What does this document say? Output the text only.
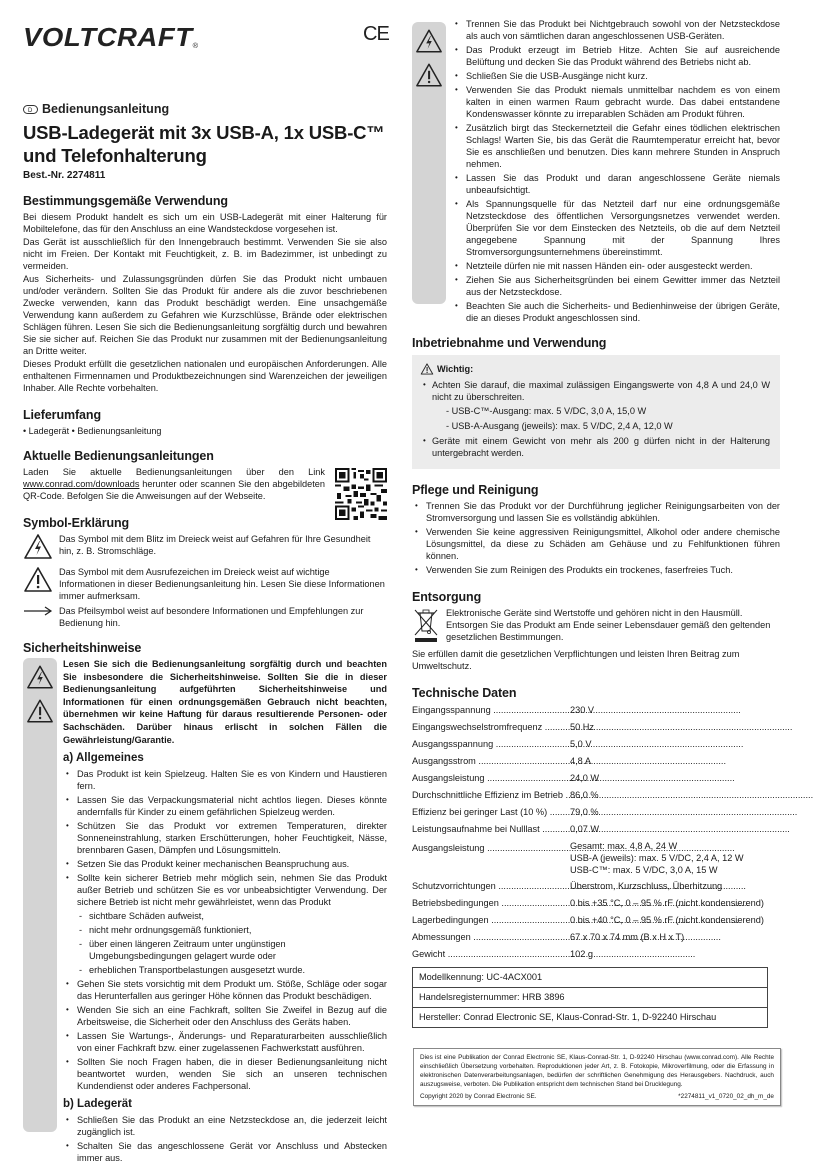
VOLTCRAFT®
CE
D
Bedienungsanleitung
USB-Ladegerät mit 3x USB-A, 1x USB-C™ und Telefonhalterung
Best.-Nr. 2274811
Bestimmungsgemäße Verwendung

Bei diesem Produkt handelt es sich um ein USB-Ladegerät mit einer Halterung für Mobiltelefone, das für den Anschluss an eine Wandsteckdose vorgesehen ist.

Das Gerät ist ausschließlich für den Innengebrauch bestimmt. Verwenden Sie sie also nicht im Freien. Der Kontakt mit Feuchtigkeit, z. B. im Badezimmer, ist unbedingt zu vermeiden.

Aus Sicherheits- und Zulassungsgründen dürfen Sie das Produkt nicht umbauen und/oder verändern. Sollten Sie das Produkt für andere als die zuvor beschriebenen Zwecke verwenden, kann das Produkt beschädigt werden. Eine unsachgemäße Verwendung kann außerdem zu Gefahren wie Kurzschlüsse, Brände oder elektrischen Schlägen führen. Lesen Sie sich die Bedienungsanleitung sorgfältig durch und bewahren Sie sie sicher auf. Reichen Sie das Produkt nur zusammen mit der Bedienungsanleitung an Dritte weiter.

Dieses Produkt erfüllt die gesetzlichen nationalen und europäischen Anforderungen. Alle enthaltenen Firmennamen und Produktbezeichnungen sind Warenzeichen der jeweiligen Inhaber. Alle Rechte vorbehalten.

Lieferumfang

• Ladegerät • Bedienungsanleitung

Aktuelle Bedienungsanleitungen

Laden Sie aktuelle Bedienungsanleitungen über den Link www.conrad.com/downloads herunter oder scannen Sie den abgebildeten QR-Code. Befolgen Sie die Anweisungen auf der Webseite.

Symbol-Erklärung
Das Symbol mit dem Blitz im Dreieck weist auf Gefahren für Ihre Gesundheit hin, z. B. Stromschläge.
Das Symbol mit dem Ausrufezeichen im Dreieck weist auf wichtige Informationen in dieser Bedienungsanleitung hin. Lesen Sie diese Informationen immer aufmerksam.
Das Pfeilsymbol weist auf besondere Informationen und Empfehlungen zur Bedienung hin.
Sicherheitshinweise

Lesen Sie sich die Bedienungsanleitung sorgfältig durch und beachten Sie insbesondere die Sicherheitshinweise. Sollten Sie die in dieser Bedienungsanleitung aufgeführten Sicherheitshinweise und Informationen für einen ordnungsgemäßen Gebrauch nicht beachten, übernehmen wir keine Haftung für daraus resultierende Personen- oder Sachschäden. Darüber hinaus erlischt in solchen Fällen die Gewährleistung/Garantie.

a) Allgemeines
• Das Produkt ist kein Spielzeug. Halten Sie es von Kindern und Haustieren fern.
• Lassen Sie das Verpackungsmaterial nicht achtlos liegen. Dieses könnte andernfalls für Kinder zu einem gefährlichen Spielzeug werden.
• Schützen Sie das Produkt vor extremen Temperaturen, direkter Sonneneinstrahlung, starken Erschütterungen, hoher Feuchtigkeit, Nässe, brennbaren Gasen, Dämpfen und Lösungsmitteln.
• Setzen Sie das Produkt keiner mechanischen Beanspruchung aus.
• Sollte kein sicherer Betrieb mehr möglich sein, nehmen Sie das Produkt außer Betrieb und schützen Sie es vor unbeabsichtigter Verwendung. Der sichere Betrieb ist nicht mehr gewährleistet, wenn das Produkt
- sichtbare Schäden aufweist,
- nicht mehr ordnungsgemäß funktioniert,
- über einen längeren Zeitraum unter ungünstigen Umgebungsbedingungen gelagert wurde oder
- erheblichen Transportbelastungen ausgesetzt wurde.
• Gehen Sie stets vorsichtig mit dem Produkt um. Stöße, Schläge oder sogar das Herunterfallen aus geringer Höhe können das Produkt beschädigen.
• Wenden Sie sich an eine Fachkraft, sollten Sie Zweifel in Bezug auf die Arbeitsweise, die Sicherheit oder den Anschluss des Geräts haben.
• Lassen Sie Wartungs-, Änderungs- und Reparaturarbeiten ausschließlich von einer Fachkraft bzw. einer zugelassenen Fachwerkstatt ausführen.
• Sollten Sie noch Fragen haben, die in dieser Bedienungsanleitung nicht beantwortet wurden, wenden Sie sich an unseren technischen Kundendienst oder anderes Fachpersonal.
b) Ladegerät
• Schließen Sie das Produkt an eine Netzsteckdose an, die jederzeit leicht zugänglich ist.
• Schalten Sie das angeschlossene Gerät vor Anschluss und Abstecken immer aus.
• Trennen Sie das Produkt bei Nichtgebrauch sowohl von der Netzsteckdose als auch von sämtlichen daran angeschlossenen USB-Geräten.
• Das Produkt erzeugt im Betrieb Hitze. Achten Sie auf ausreichende Belüftung und decken Sie das Produkt während des Betriebs nicht ab.
• Schließen Sie die USB-Ausgänge nicht kurz.
• Verwenden Sie das Produkt niemals unmittelbar nachdem es von einem kalten in einen warmen Raum gebracht wurde. Das dabei entstandene Kondenswasser könnte zu irreparablen Schäden am Produkt führen.
• Zusätzlich birgt das Steckernetzteil die Gefahr eines tödlichen elektrischen Schlags! Warten Sie, bis das Gerät die Raumtemperatur erreicht hat, bevor Sie es anschließen und benutzen. Dies kann mehrere Stunden in Anspruch nehmen.
• Lassen Sie das Produkt und daran angeschlossene Geräte niemals unbeaufsichtigt.
• Als Spannungsquelle für das Netzteil darf nur eine ordnungsgemäße Netzsteckdose des öffentlichen Versorgungsnetzes verwendet werden. Überprüfen Sie vor dem Einstecken des Netzteils, ob die auf dem Netzteil angegebene Spannung mit der Spannung Ihres Stromversorgungsunternehmens übereinstimmt.
• Netzteile dürfen nie mit nassen Händen ein- oder ausgesteckt werden.
• Ziehen Sie aus Sicherheitsgründen bei einem Gewitter immer das Netzteil aus der Netzsteckdose.
• Beachten Sie auch die Sicherheits- und Bedienhinweise der übrigen Geräte, die an dieses Produkt angeschlossen sind.
Inbetriebnahme und Verwendung
Wichtig:
• Achten Sie darauf, die maximal zulässigen Eingangswerte von 4,8 A und 24,0 W nicht zu überschreiten.
- USB-C™-Ausgang: max. 5 V/DC, 3,0 A, 15,0 W
- USB-A-Ausgang (jeweils): max. 5 V/DC, 2,4 A, 12,0 W
• Geräte mit einem Gewicht von mehr als 200 g dürfen nicht in der Halterung untergebracht werden.
Pflege und Reinigung
• Trennen Sie das Produkt vor der Durchführung jeglicher Reinigungsarbeiten von der Stromversorgung und lassen Sie es vollständig abkühlen.
• Verwenden Sie keine aggressiven Reinigungsmittel, Alkohol oder andere chemische Lösungsmittel, da diese zu Schäden am Gehäuse und zu Fehlfunktionen führen können.
• Verwenden Sie zum Reinigen des Produkts ein trockenes, faserfreies Tuch.
Entsorgung
Elektronische Geräte sind Wertstoffe und gehören nicht in den Hausmüll. Entsorgen Sie das Produkt am Ende seiner Lebensdauer gemäß den geltenden gesetzlichen Bestimmungen.

Sie erfüllen damit die gesetzlichen Verpflichtungen und leisten Ihren Beitrag zum Umweltschutz.

Technische Daten
Eingangsspannung .....	230 V
Eingangswechselstromfrequenz .....	50 Hz
Ausgangsspannung .....	5,0 V
Ausgangsstrom .....	4,8 A
Ausgangsleistung .....	24,0 W
Durchschnittliche Effizienz im Betrieb ..... 86,0 %
Effizienz bei geringer Last (10 %) .....	79,0 %
Leistungsaufnahme bei Nulllast .....	0,07 W
Ausgangsleistung .....	Gesamt: max. 4,8 A, 24 W
USB-A (jeweils): max. 5 V/DC, 2,4 A, 12 W
USB-C™: max. 5 V/DC, 3,0 A, 15 W
Schutzvorrichtungen .....	Überstrom, Kurzschluss, Überhitzung
Betriebsbedingungen .....	0 bis +35 °C, 0 – 95 % rF (nicht kondensierend)
Lagerbedingungen .....	0 bis +40 °C, 0 – 95 % rF (nicht kondensierend)
Abmessungen .....	67 x 70 x 74 mm (B x H x T)
Gewicht .....	102 g
Modellkennung: UC-4ACX001
Handelsregisternummer: HRB 3896
Hersteller: Conrad Electronic SE, Klaus-Conrad-Str. 1, D-92240 Hirschau

Dies ist eine Publikation der Conrad Electronic SE, Klaus-Conrad-Str. 1, D-92240 Hirschau (www.conrad.com). Alle Rechte einschließlich Übersetzung vorbehalten. Reproduktionen jeder Art, z. B. Fotokopie, Mikroverfilmung, oder die Erfassung in elektronischen Datenverarbeitungsanlagen, bedürfen der schriftlichen Genehmigung des Herausgebers. Nachdruck, auch auszugsweise, verboten. Die Publikation entspricht dem technischen Stand bei Drucklegung.

Copyright 2020 by Conrad Electronic SE.	*2274811_v1_0720_02_dh_m_de
